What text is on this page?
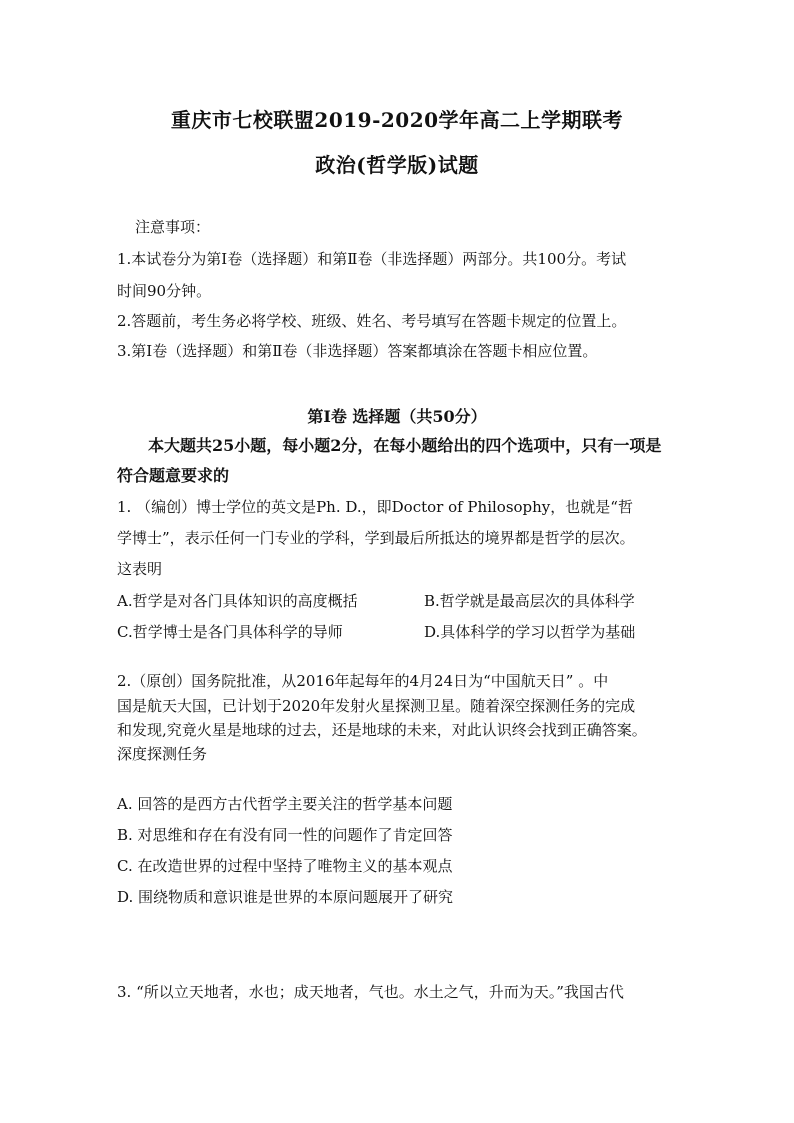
重庆市七校联盟2019-2020学年高二上学期联考
政治(哲学版)试题
注意事项：
1.本试卷分为第Ⅰ卷（选择题）和第Ⅱ卷（非选择题）两部分。共100分。考试
时间90分钟。
2.答题前，考生务必将学校、班级、姓名、考号填写在答题卡规定的位置上。
3.第Ⅰ卷（选择题）和第Ⅱ卷（非选择题）答案都填涂在答题卡相应位置。
第Ⅰ卷 选择题（共50分）
本大题共25小题，每小题2分，在每小题给出的四个选项中，只有一项是
符合题意要求的
1. （编创）博士学位的英文是Ph. D.，即Doctor of Philosophy，也就是“哲
学博士”，表示任何一门专业的学科，学到最后所抵达的境界都是哲学的层次。
这表明
A.哲学是对各门具体知识的高度概括	B.哲学就是最高层次的具体科学
C.哲学博士是各门具体科学的导师	D.具体科学的学习以哲学为基础
2.（原创）国务院批准，从2016年起每年的4月24日为“中国航天日” 。中
国是航天大国，已计划于2020年发射火星探测卫星。随着深空探测任务的完成
和发现,究竟火星是地球的过去，还是地球的未来，对此认识终会找到正确答案。
深度探测任务
A. 回答的是西方古代哲学主要关注的哲学基本问题
B. 对思维和存在有没有同一性的问题作了肯定回答
C. 在改造世界的过程中坚持了唯物主义的基本观点
D. 围绕物质和意识谁是世界的本原问题展开了研究
3. “所以立天地者，水也；成天地者，气也。水土之气，升而为天。”我国古代
